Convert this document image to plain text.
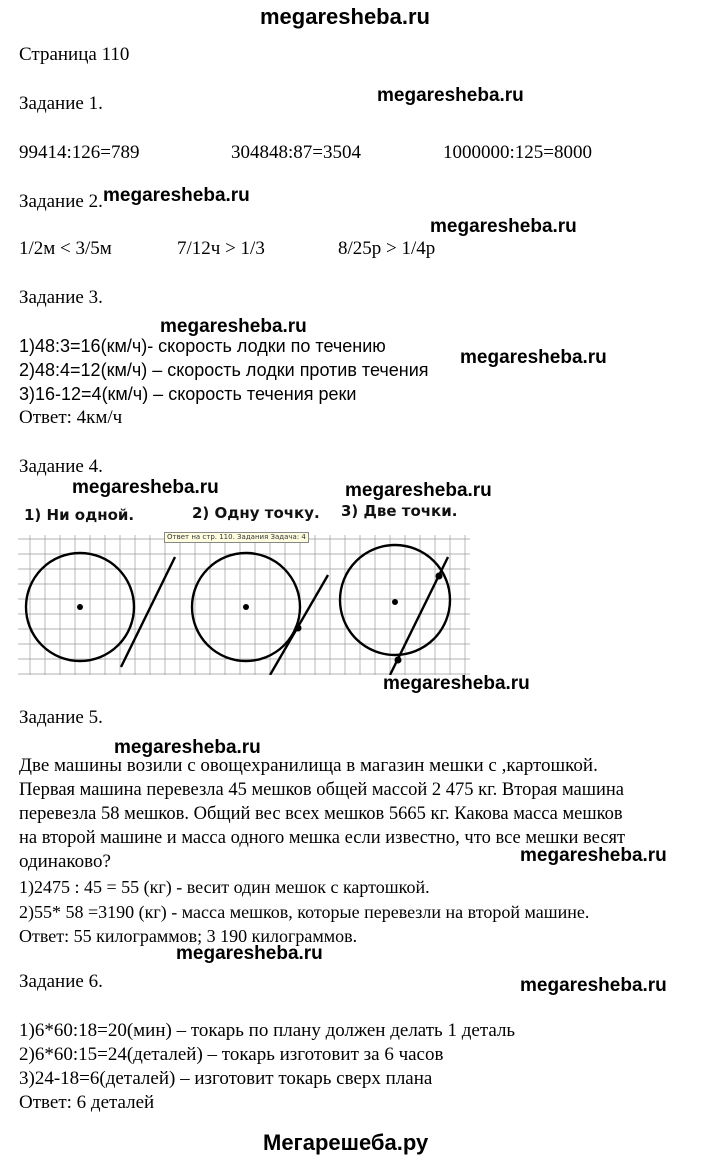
megaresheba.ru
Страница 110
Задание 1.
99414:126=789	304848:87=3504	1000000:125=8000
Задание 2.
1/2м < 3/5м	7/12ч > 1/3	8/25р > 1/4р
Задание 3.
1)48:3=16(км/ч)- скорость лодки по течению
2)48:4=12(км/ч) – скорость лодки против течения
3)16-12=4(км/ч) – скорость течения реки
Ответ: 4км/ч
Задание 4.
1) Ни одной.	2) Одну точку. 3) Две точки.
Ответ на стр. 110. Задания Задача: 4
Задание 5.
Две машины возили с овощехранилища в магазин мешки с ,картошкой.
Первая машина перевезла 45 мешков общей массой 2 475 кг. Вторая машина
перевезла 58 мешков. Общий вес всех мешков 5665 кг. Какова масса мешков
на второй машине и масса одного мешка если известно, что все мешки весят
одинаково?
1)2475 : 45 = 55 (кг) - весит один мешок с картошкой.
2)55* 58 =3190 (кг) - масса мешков, которые перевезли на второй машине.
Ответ: 55 килограммов; 3 190 килограммов.
Задание 6.
1)6*60:18=20(мин) – токарь по плану должен делать 1 деталь
2)6*60:15=24(деталей) – токарь изготовит за 6 часов
3)24-18=6(деталей) – изготовит токарь сверх плана
Ответ: 6 деталей
megaresheba.ru
megaresheba.ru
megaresheba.ru
megaresheba.ru
megaresheba.ru
megaresheba.ru	megaresheba.ru
megaresheba.ru
megaresheba.ru
megaresheba.ru
megaresheba.ru
megaresheba.ru
Мегарешеба.ру
